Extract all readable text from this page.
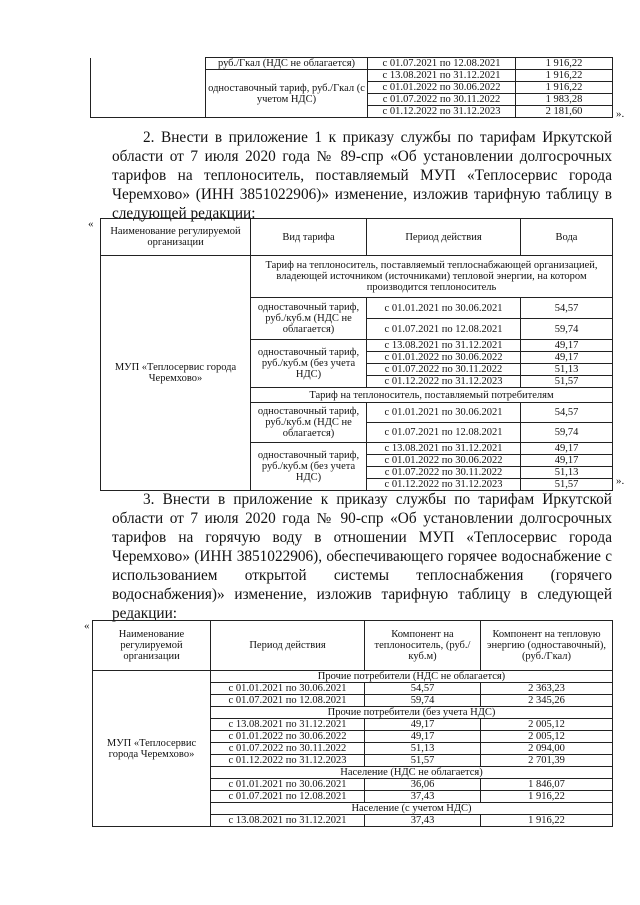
	руб./Гкал (НДС не облагается)	с 01.07.2021 по 12.08.2021	1 916,22
	одноставочный тариф, руб./Гкал (с учетом НДС)	с 13.08.2021 по 31.12.2021	1 916,22
		с 01.01.2022 по 30.06.2022	1 916,22
		с 01.07.2022 по 30.11.2022	1 983,28
		с 01.12.2022 по 31.12.2023	2 181,60	».
2. Внести в приложение 1 к приказу службы по тарифам Иркутской области от 7 июля 2020 года № 89-спр «Об установлении долгосрочных тарифов на теплоноситель, поставляемый МУП «Теплосервис города Черемхово» (ИНН 3851022906)» изменение, изложив тарифную таблицу в следующей редакции:
«
Наименование регулируемой организации	Вид тарифа	Период действия	Вода
МУП «Теплосервис города Черемхово»	Тариф на теплоноситель, поставляемый теплоснабжающей организацией, владеющей источником (источниками) тепловой энергии, на котором производится теплоноситель		
	одноставочный тариф, руб./куб.м (НДС не облагается)	с 01.01.2021 по 30.06.2021	54,57
		с 01.07.2021 по 12.08.2021	59,74
	одноставочный тариф, руб./куб.м (без учета НДС)	с 13.08.2021 по 31.12.2021	49,17
		с 01.01.2022 по 30.06.2022	49,17
		с 01.07.2022 по 30.11.2022	51,13
		с 01.12.2022 по 31.12.2023	51,57
	Тариф на теплоноситель, поставляемый потребителям		
	одноставочный тариф, руб./куб.м (НДС не облагается)	с 01.01.2021 по 30.06.2021	54,57
		с 01.07.2021 по 12.08.2021	59,74
	одноставочный тариф, руб./куб.м (без учета НДС)	с 13.08.2021 по 31.12.2021	49,17
		с 01.01.2022 по 30.06.2022	49,17
		с 01.07.2022 по 30.11.2022	51,13
		с 01.12.2022 по 31.12.2023	51,57	».
3. Внести в приложение к приказу службы по тарифам Иркутской области от 7 июля 2020 года № 90-спр «Об установлении долгосрочных тарифов на горячую воду в отношении МУП «Теплосервис города Черемхово» (ИНН 3851022906), обеспечивающего горячее водоснабжение с использованием открытой системы теплоснабжения (горячего водоснабжения)» изменение, изложив тарифную таблицу в следующей редакции:
«
Наименование регулируемой организации	Период действия	Компонент на теплоноситель, (руб./куб.м)	Компонент на тепловую энергию (одноставочный), (руб./Гкал)
МУП «Теплосервис города Черемхово»	Прочие потребители (НДС не облагается)		
	с 01.01.2021 по 30.06.2021	54,57	2 363,23
	с 01.07.2021 по 12.08.2021	59,74	2 345,26
	Прочие потребители (без учета НДС)		
	с 13.08.2021 по 31.12.2021	49,17	2 005,12
	с 01.01.2022 по 30.06.2022	49,17	2 005,12
	с 01.07.2022 по 30.11.2022	51,13	2 094,00
	с 01.12.2022 по 31.12.2023	51,57	2 701,39
	Население (НДС не облагается)		
	с 01.01.2021 по 30.06.2021	36,06	1 846,07
	с 01.07.2021 по 12.08.2021	37,43	1 916,22
	Население (с учетом НДС)		
	с 13.08.2021 по 31.12.2021	37,43	1 916,22
